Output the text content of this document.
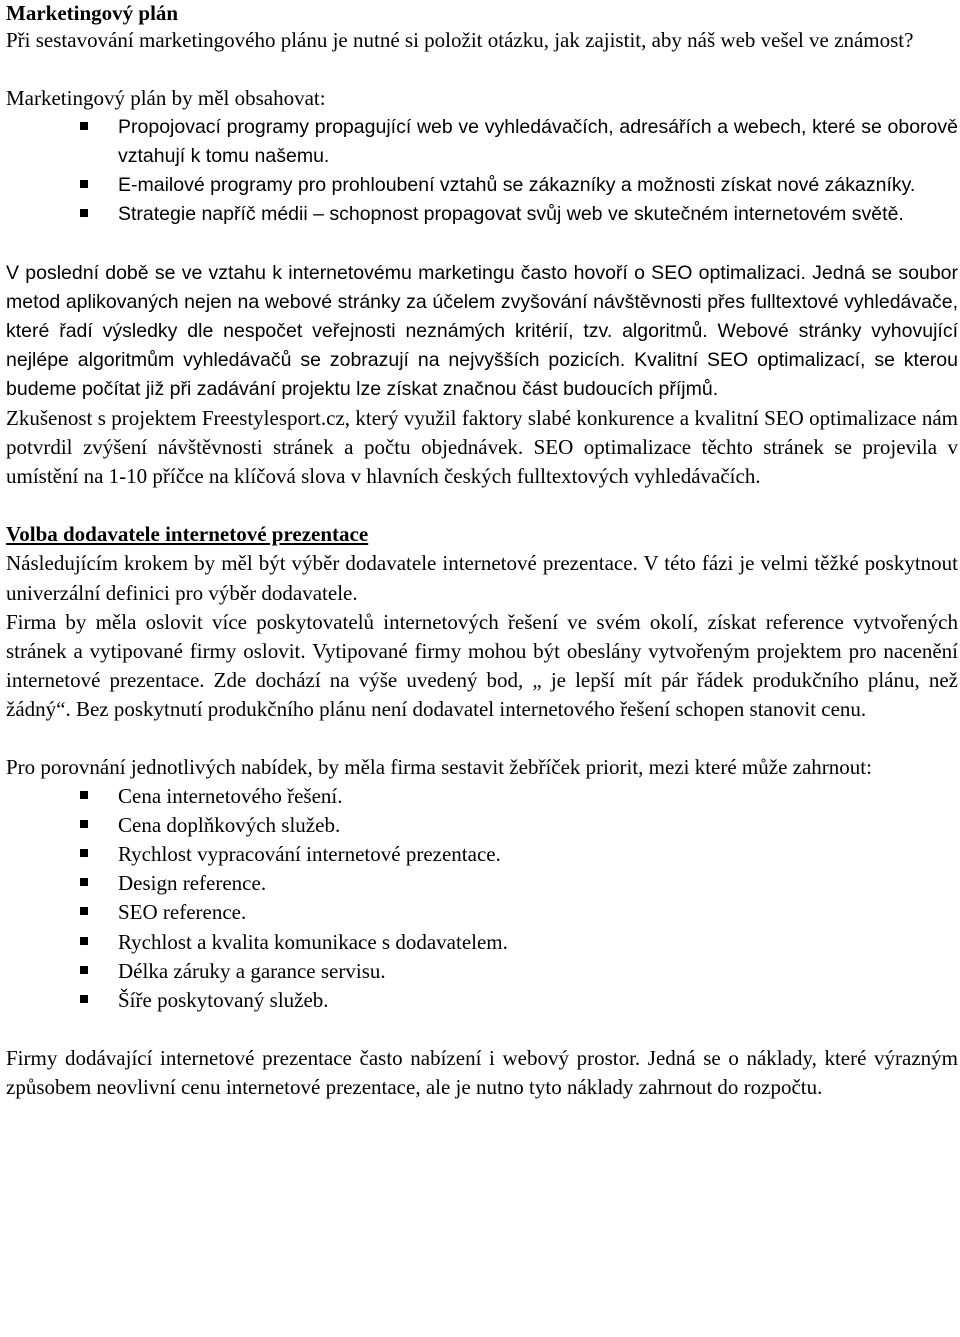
Marketingový plán

Při sestavování marketingového plánu je nutné si položit otázku, jak zajistit, aby náš web vešel ve známost?

Marketingový plán by měl obsahovat:

Propojovací programy propagující web ve vyhledávačích, adresářích a webech, které se oborově vztahují k tomu našemu.
E-mailové programy pro prohloubení vztahů se zákazníky a možnosti získat nové zákazníky.
Strategie napříč médii – schopnost propagovat svůj web ve skutečném internetovém světě.

V poslední době se ve vztahu k internetovému marketingu často hovoří o SEO optimalizaci. Jedná se soubor metod aplikovaných nejen na webové stránky za účelem zvyšování návštěvnosti přes fulltextové vyhledávače, které řadí výsledky dle nespočet veřejnosti neznámých kritérií, tzv. algoritmů. Webové stránky vyhovující nejlépe algoritmům vyhledávačů se zobrazují na nejvyšších pozicích. Kvalitní SEO optimalizací, se kterou budeme počítat již při zadávání projektu lze získat značnou část budoucích příjmů.

Zkušenost s projektem Freestylesport.cz, který využil faktory slabé konkurence a kvalitní SEO optimalizace nám potvrdil zvýšení návštěvnosti stránek a počtu objednávek. SEO optimalizace těchto stránek se projevila v umístění na 1-10 příčce na klíčová slova v hlavních českých fulltextových vyhledávačích.

Volba dodavatele internetové prezentace

Následujícím krokem by měl být výběr dodavatele internetové prezentace. V této fázi je velmi těžké poskytnout univerzální definici pro výběr dodavatele.

Firma by měla oslovit více poskytovatelů internetových řešení ve svém okolí, získat reference vytvořených stránek a vytipované firmy oslovit. Vytipované firmy mohou být obeslány vytvořeným projektem pro nacenění internetové prezentace. Zde dochází na výše uvedený bod, „ je lepší mít pár řádek produkčního plánu, než žádný“. Bez poskytnutí produkčního plánu není dodavatel internetového řešení schopen stanovit cenu.

Pro porovnání jednotlivých nabídek, by měla firma sestavit žebříček priorit, mezi které může zahrnout:

Cena internetového řešení.
Cena doplňkových služeb.
Rychlost vypracování internetové prezentace.
Design reference.
SEO reference.
Rychlost a kvalita komunikace s dodavatelem.
Délka záruky a garance servisu.
Šíře poskytovaný služeb.

Firmy dodávající internetové prezentace často nabízení i webový prostor. Jedná se o náklady, které výrazným způsobem neovlivní cenu internetové prezentace, ale je nutno tyto náklady zahrnout do rozpočtu.
